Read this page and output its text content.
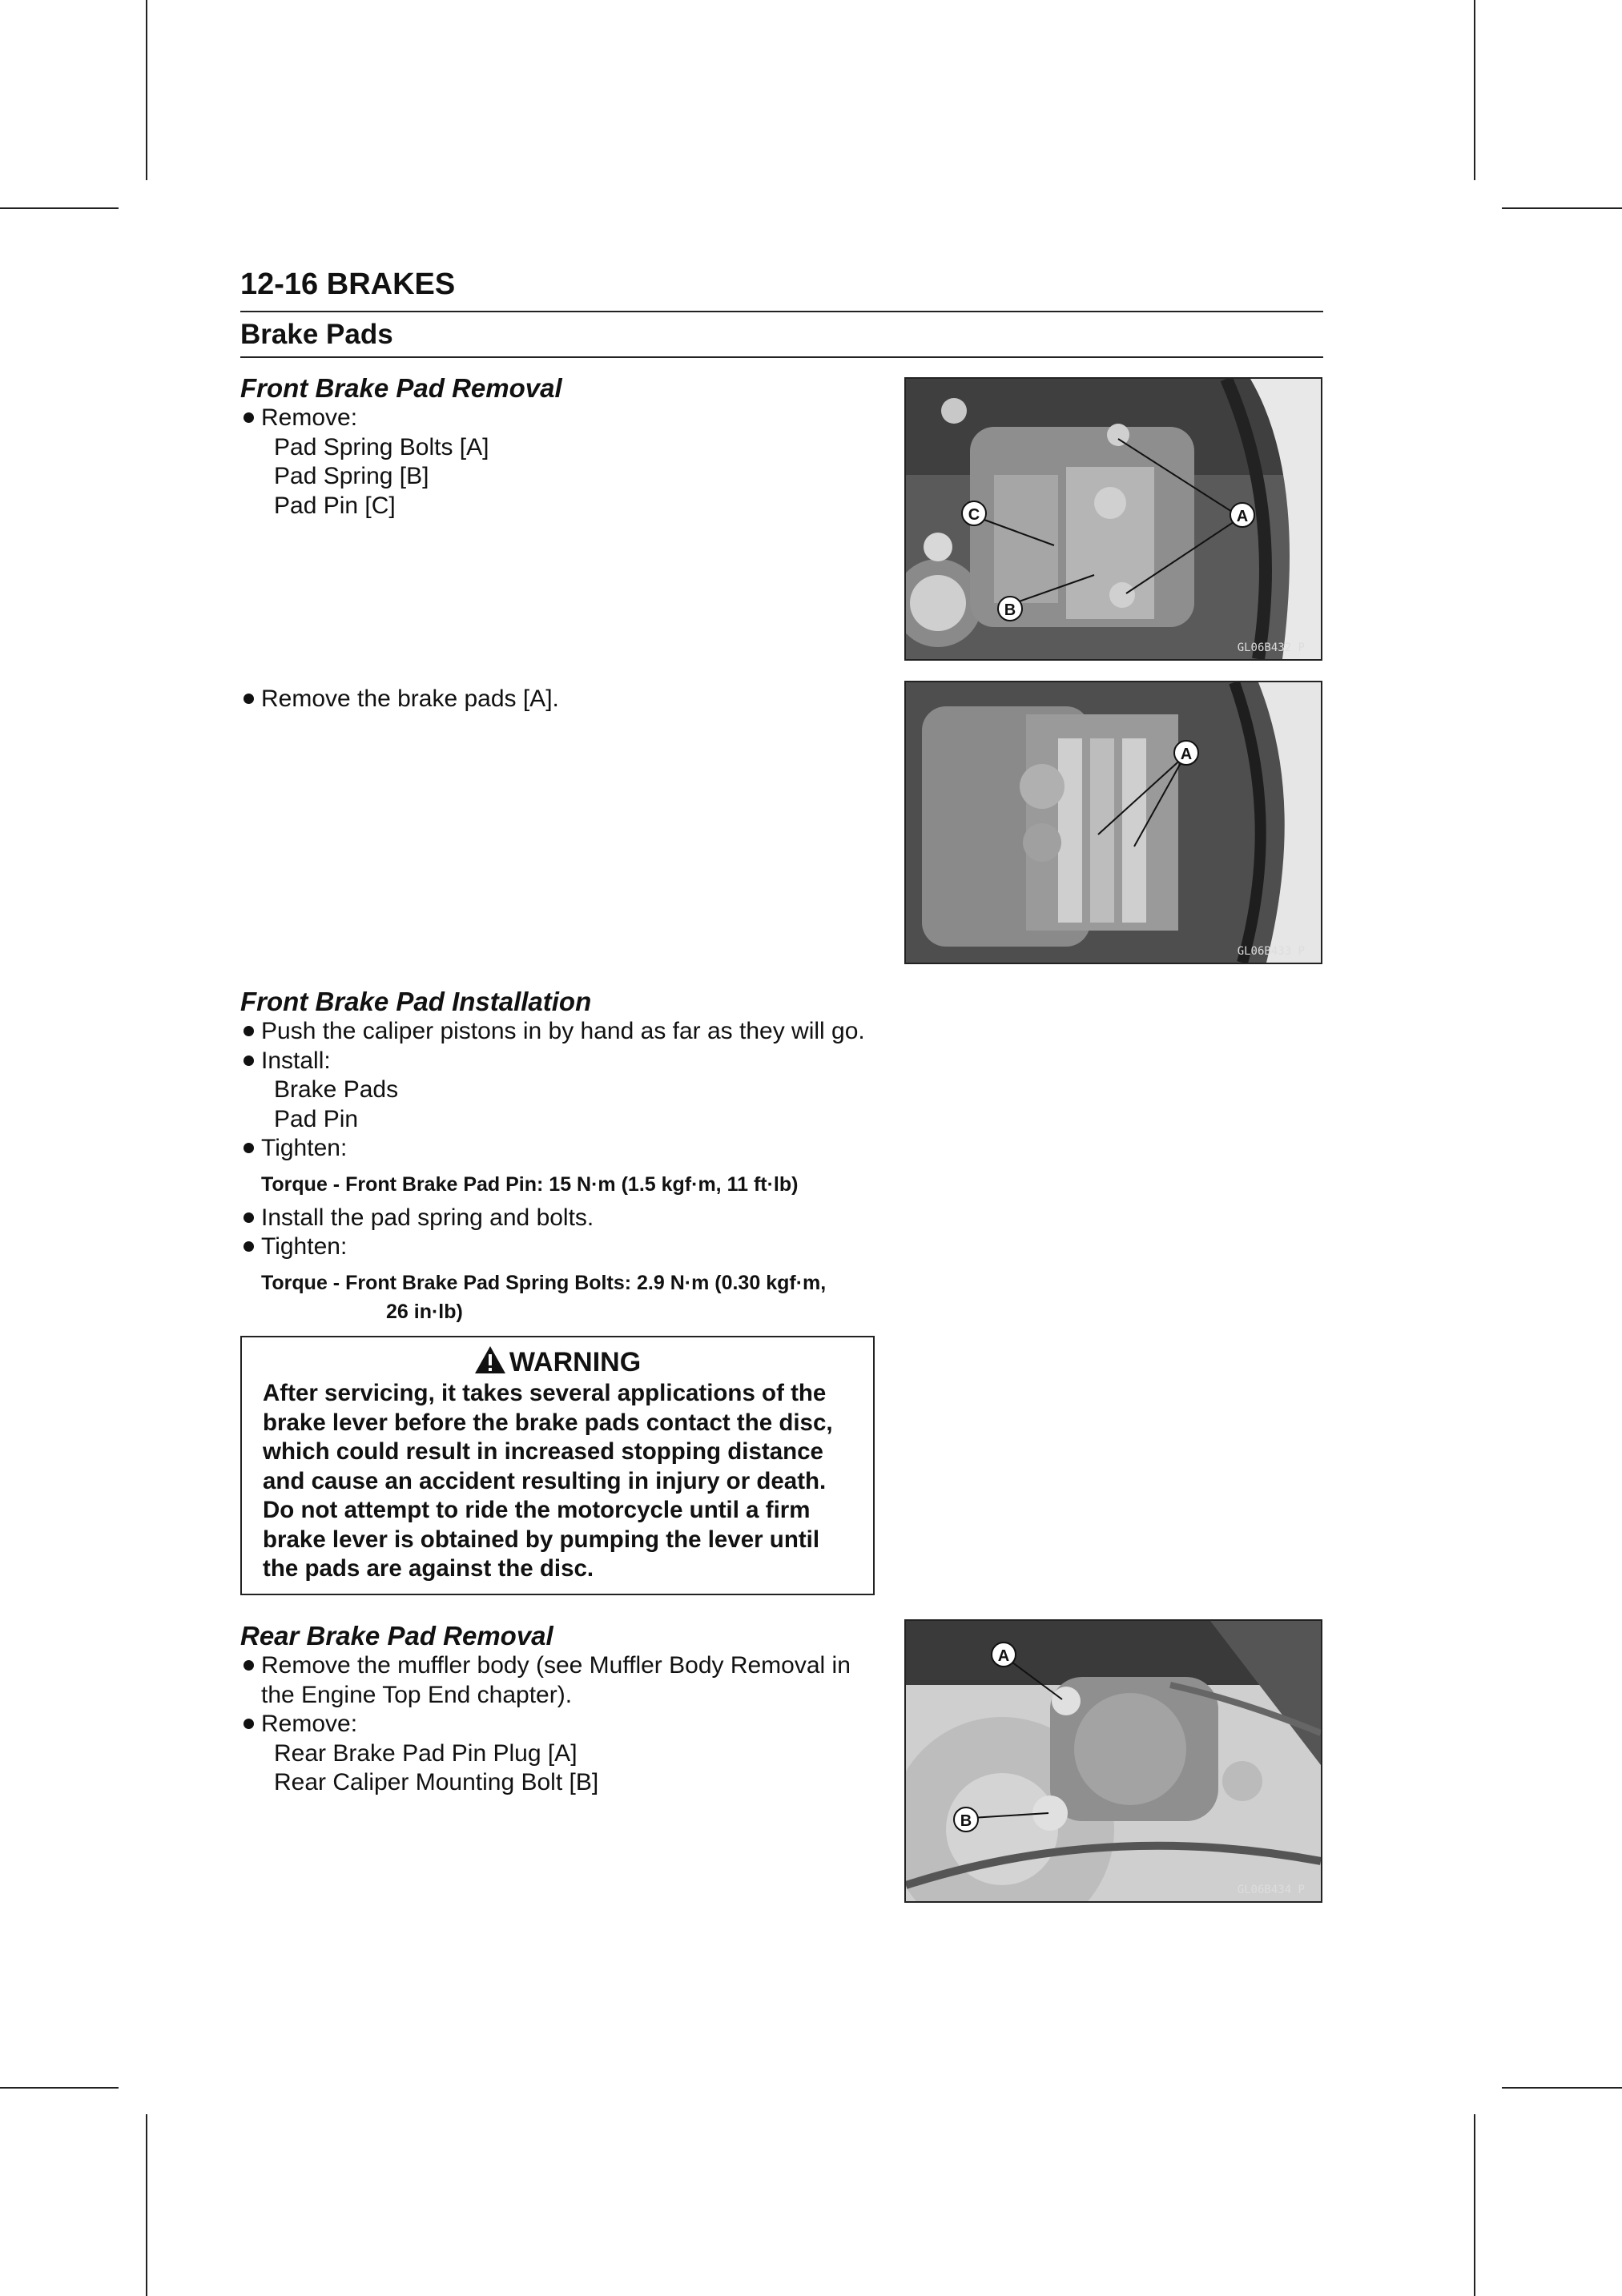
12-16 BRAKES
Brake Pads
Front Brake Pad Removal
Remove:
Pad Spring Bolts [A]
Pad Spring [B]
Pad Pin [C]
Remove the brake pads [A].
Front Brake Pad Installation
Push the caliper pistons in by hand as far as they will go.
Install:
Brake Pads
Pad Pin
Tighten:
Torque - Front Brake Pad Pin: 15 N·m (1.5 kgf·m, 11 ft·lb)
Install the pad spring and bolts.
Tighten:
Torque - Front Brake Pad Spring Bolts: 2.9 N·m (0.30 kgf·m,
26 in·lb)
WARNING
After servicing, it takes several applications of the
brake lever before the brake pads contact the disc,
which could result in increased stopping distance
and cause an accident resulting in injury or death.
Do not attempt to ride the motorcycle until a firm
brake lever is obtained by pumping the lever until
the pads are against the disc.
Rear Brake Pad Removal
Remove the muffler body (see Muffler Body Removal in
the Engine Top End chapter).
Remove:
Rear Brake Pad Pin Plug [A]
Rear Caliper Mounting Bolt [B]
C	A
B
GL06B432 P
A
GL06B433 P
A
B
GL06B434 P
